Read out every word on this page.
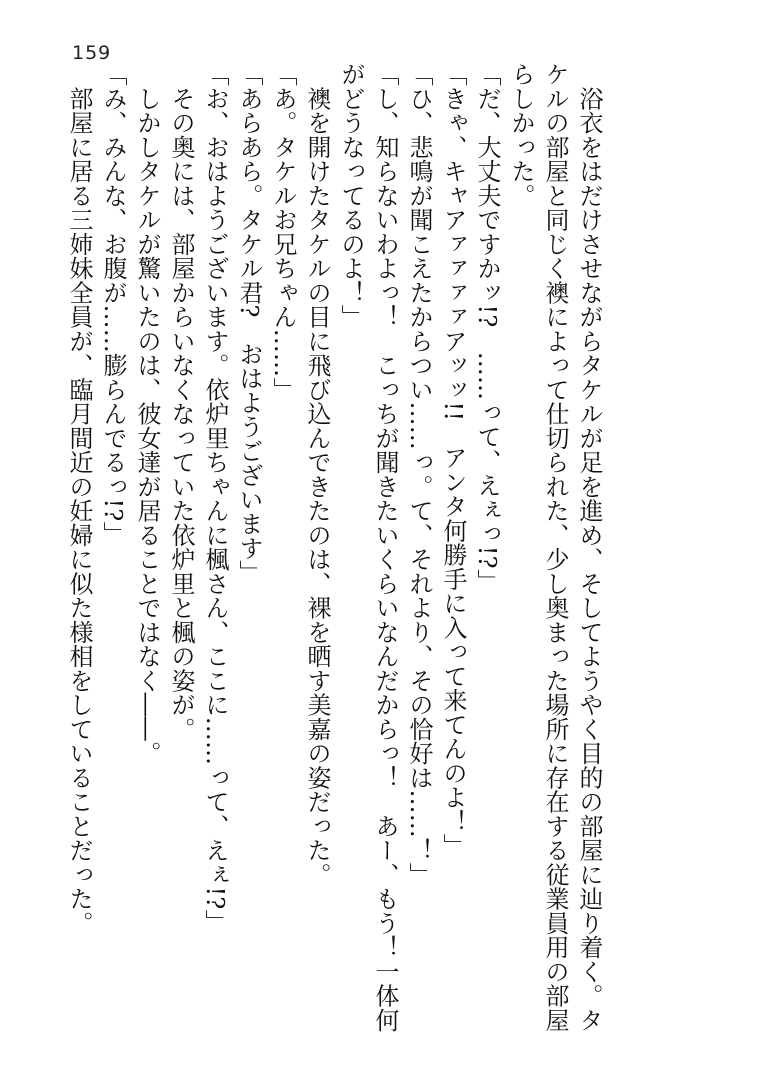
159

　浴衣をはだけさせながらタケルが足を進め、そしてようやく目的の部屋に辿り着く。タケルの部屋と同じく襖によって仕切られた、少し奥まった場所に存在する従業員用の部屋らしかった。

「だ、大丈夫ですかッ!?　……って、えぇっ!?」

「きゃ、キャアァァァァアッッ!!　アンタ何勝手に入って来てんのよ！」

「ひ、悲鳴が聞こえたからつい……っ。て、それより、その恰好は……！」

「し、知らないわよっ！　こっちが聞きたいくらいなんだからっ！　あー、もう！一体何がどうなってるのよ！」

　襖を開けたタケルの目に飛び込んできたのは、裸を晒す美嘉の姿だった。

「あ。タケルお兄ちゃん……」

「あらあら。タケル君?　おはようございます」

「お、おはようございます。依炉里ちゃんに楓さん、ここに……って、えぇ!?」

　その奥には、部屋からいなくなっていた依炉里と楓の姿が。

　しかしタケルが驚いたのは、彼女達が居ることではなく――。

「み、みんな、お腹が……膨らんでるっ!?」

　部屋に居る三姉妹全員が、臨月間近の妊婦に似た様相をしていることだった。
